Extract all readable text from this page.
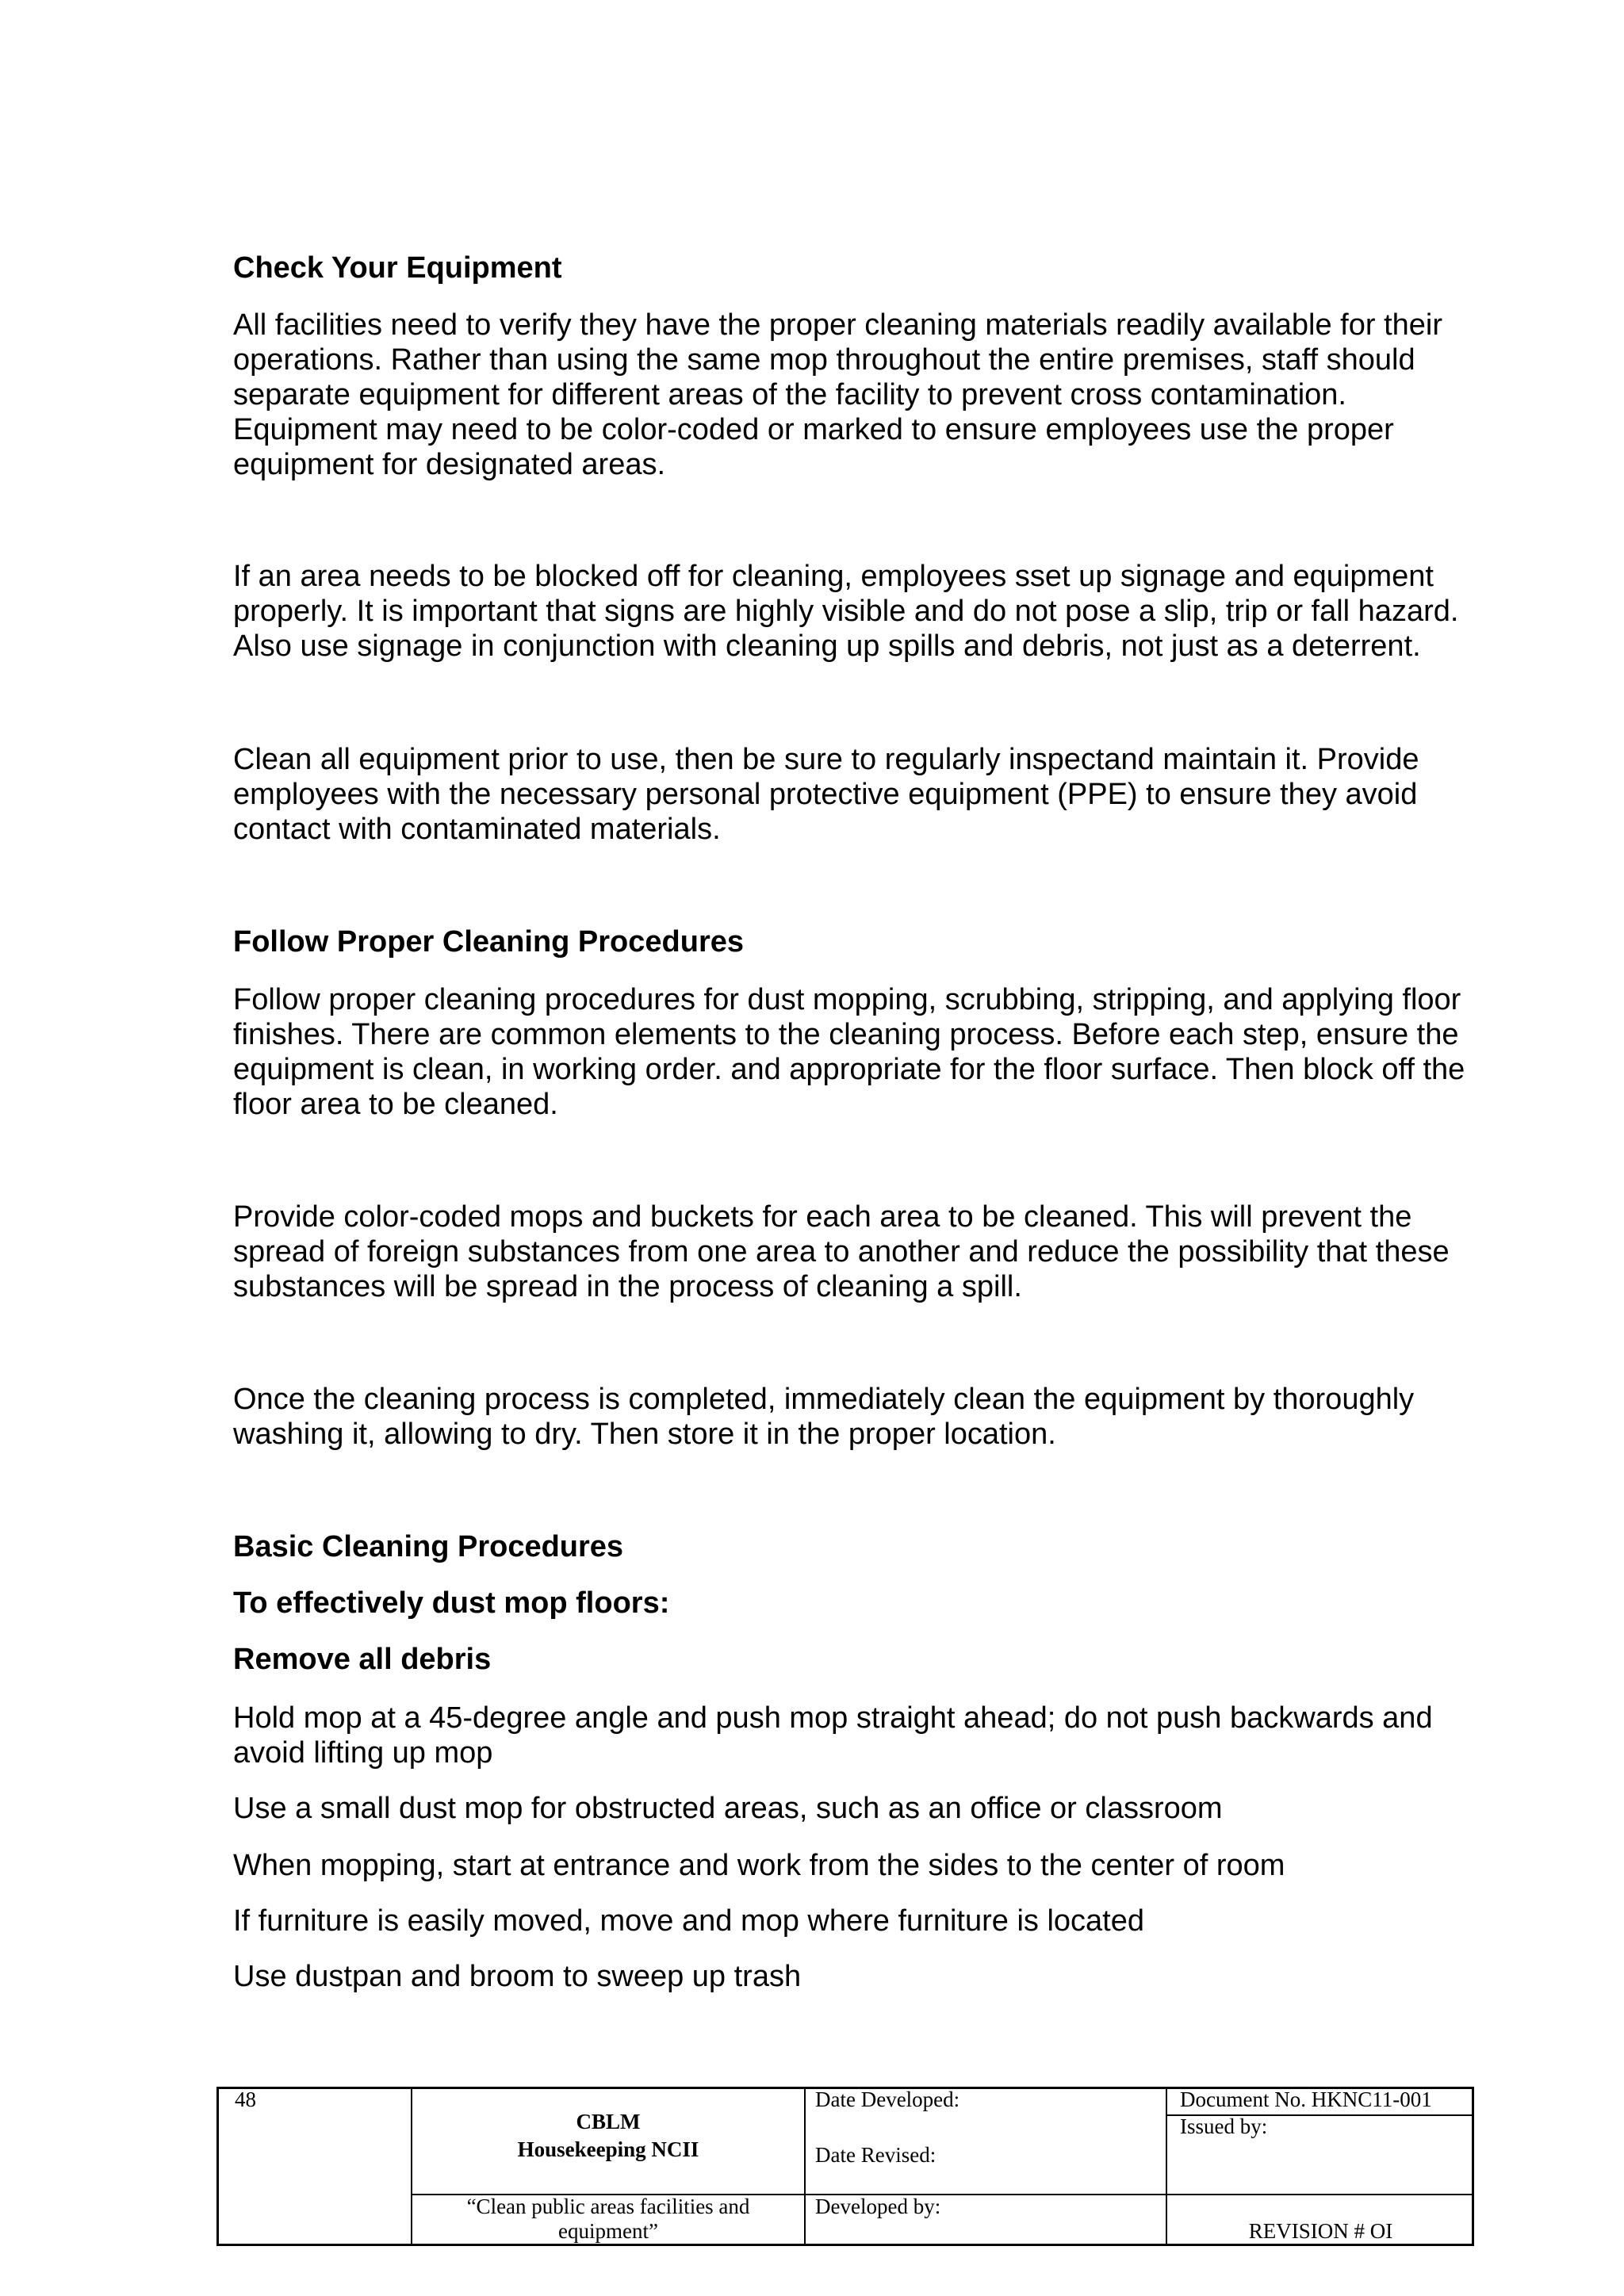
Check Your Equipment

All facilities need to verify they have the proper cleaning materials readily available for their
operations. Rather than using the same mop throughout the entire premises, staff should
separate equipment for different areas of the facility to prevent cross contamination.
Equipment may need to be color-coded or marked to ensure employees use the proper
equipment for designated areas.

If an area needs to be blocked off for cleaning, employees sset up signage and equipment
properly. It is important that signs are highly visible and do not pose a slip, trip or fall hazard.
Also use signage in conjunction with cleaning up spills and debris, not just as a deterrent.

Clean all equipment prior to use, then be sure to regularly inspectand maintain it. Provide
employees with the necessary personal protective equipment (PPE) to ensure they avoid
contact with contaminated materials.

Follow Proper Cleaning Procedures

Follow proper cleaning procedures for dust mopping, scrubbing, stripping, and applying floor
finishes. There are common elements to the cleaning process. Before each step, ensure the
equipment is clean, in working order. and appropriate for the floor surface. Then block off the
floor area to be cleaned.

Provide color-coded mops and buckets for each area to be cleaned. This will prevent the
spread of foreign substances from one area to another and reduce the possibility that these
substances will be spread in the process of cleaning a spill.

Once the cleaning process is completed, immediately clean the equipment by thoroughly
washing it, allowing to dry. Then store it in the proper location.

Basic Cleaning Procedures

To effectively dust mop floors:

Remove all debris

Hold mop at a 45-degree angle and push mop straight ahead; do not push backwards and
avoid lifting up mop

Use a small dust mop for obstructed areas, such as an office or classroom

When mopping, start at entrance and work from the sides to the center of room

If furniture is easily moved, move and mop where furniture is located

Use dustpan and broom to sweep up trash

48
CBLM
Housekeeping NCII
“Clean public areas facilities and
equipment”
Date Developed:
Date Revised:
Developed by:
Document No. HKNC11-001
Issued by:
REVISION # OI
